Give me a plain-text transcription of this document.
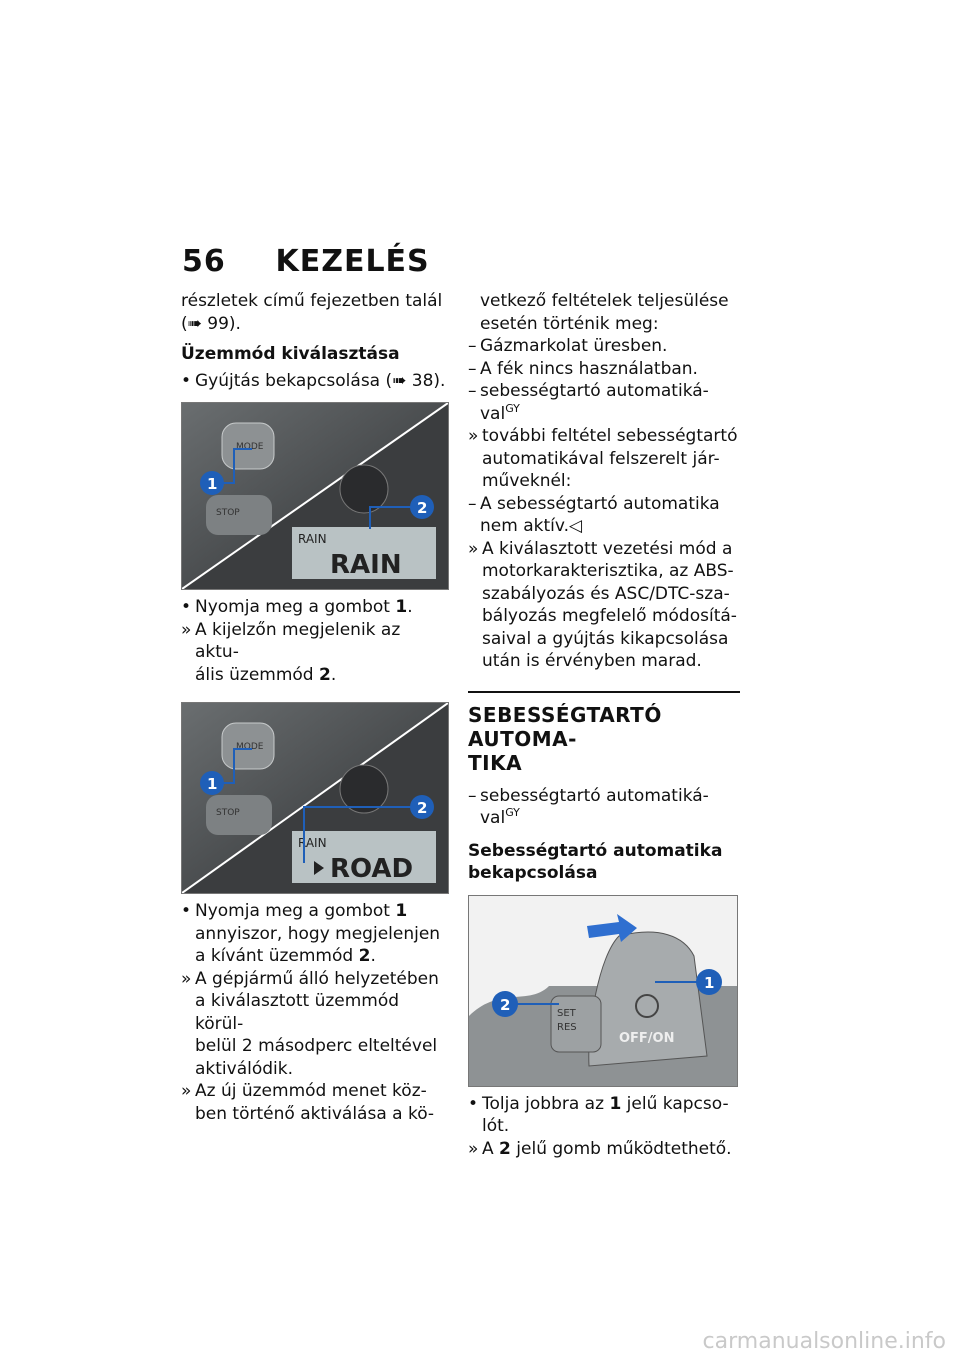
56 KEZELÉS
részletek című fejezetben talál
(➠ 99).
Üzemmód kiválasztása
• Gyújtás bekapcsolása (➠ 38).
MODE
STOP
RAIN
RAIN
1
2
• Nyomja meg a gombot 1.
» A kijelzőn megjelenik az aktu-
ális üzemmód 2.
MODE
STOP
RAIN
ROAD
1
2
• Nyomja meg a gombot 1
annyiszor, hogy megjelenjen
a kívánt üzemmód 2.
» A gépjármű álló helyzetében
a kiválasztott üzemmód körül-
belül 2 másodperc elteltével
aktiválódik.
» Az új üzemmód menet köz-
ben történő aktiválása a kö-
vetkező feltételek teljesülése
esetén történik meg:
– Gázmarkolat üresben.
– A fék nincs használatban.
– sebességtartó automatiká-
val$^{GY}$
» további feltétel sebességtartó
automatikával felszerelt jár-
műveknél:
– A sebességtartó automatika
nem aktív.◁
» A kiválasztott vezetési mód a
motorkarakterisztika, az ABS-
szabályozás és ASC/DTC-sza-
bályozás megfelelő módosítá-
saival a gyújtás kikapcsolása
után is érvényben marad.
SEBESSÉGTARTÓ AUTOMA-
TIKA
– sebességtartó automatiká-
val$^{GY}$
Sebességtartó automatika
bekapcsolása
SET
RES
OFF/ON
1
2
• Tolja jobbra az 1 jelű kapcso-
lót.
» A 2 jelű gomb működtethető.
carmanualsonline.info
